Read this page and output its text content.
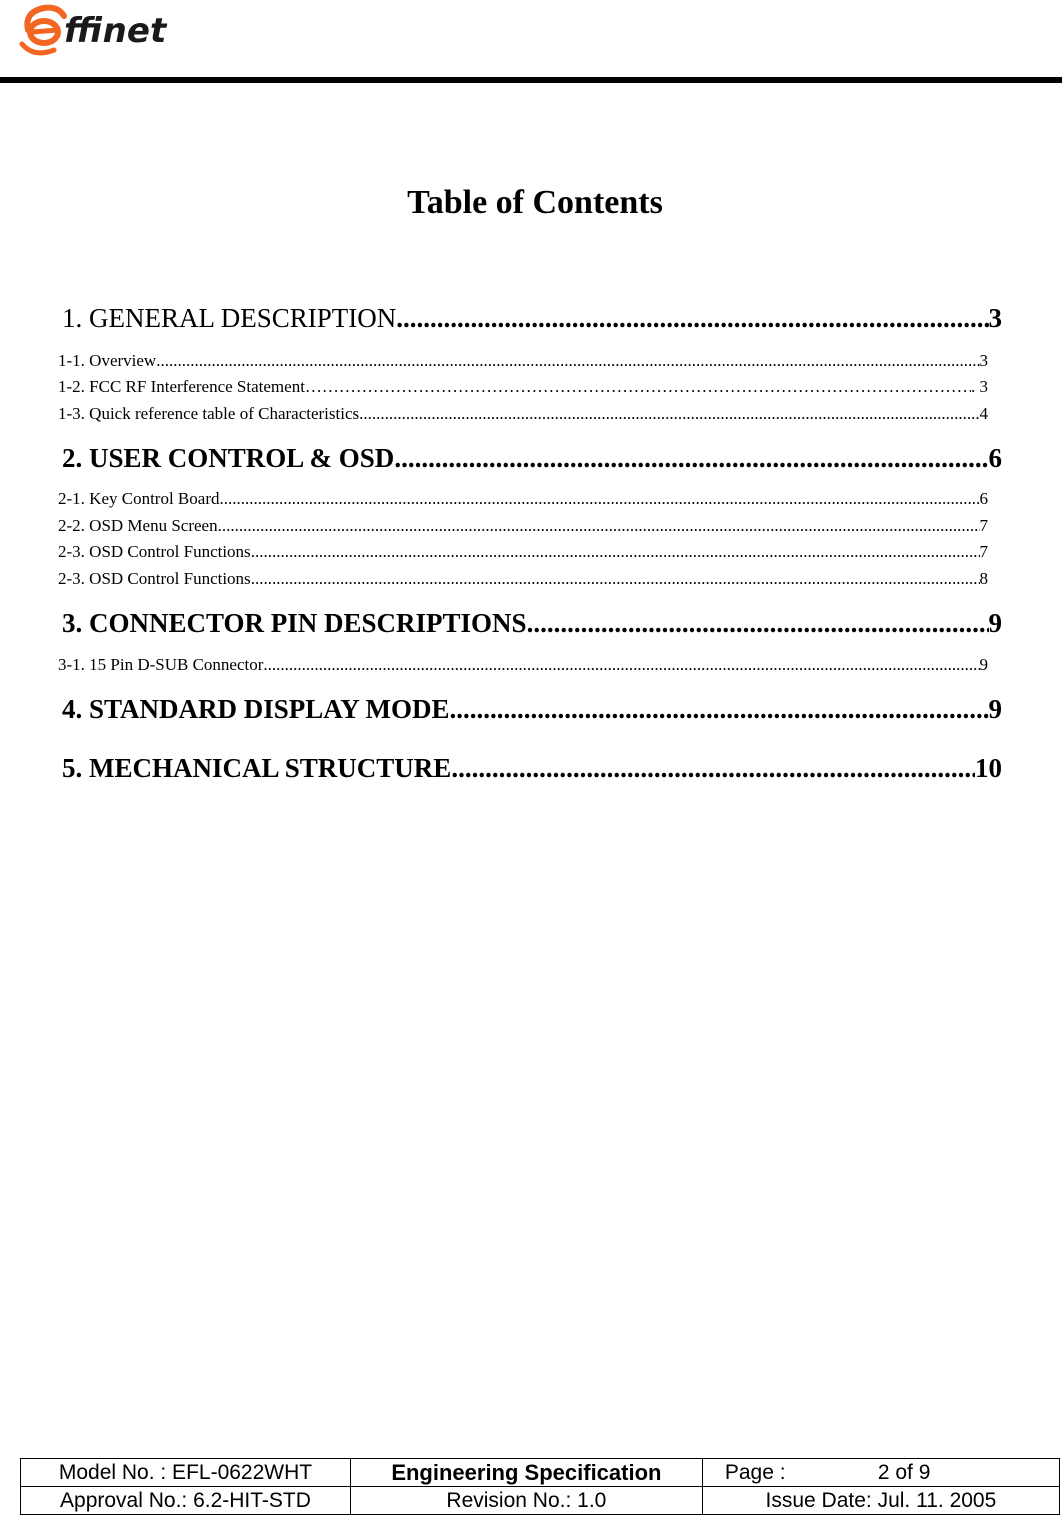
ffinet
Table of Contents
1. GENERAL DESCRIPTION .....	3
1-1. Overview .....	3
1-2. FCC RF Interference Statement …………………………………………………………………………………………………………………………………………	. 3
1-3. Quick reference table of Characteristics .....	4
2. USER CONTROL & OSD .....	6
2-1. Key Control Board .....	6
2-2. OSD Menu Screen .....	7
2-3. OSD Control Functions .....	7
2-3. OSD Control Functions .....	8
3. CONNECTOR PIN DESCRIPTIONS .....	9
3-1. 15 Pin D-SUB Connector .....	9
4. STANDARD DISPLAY MODE .....	9
5. MECHANICAL STRUCTURE .....	10
Model No. : EFL-0622WHT	Engineering Specification	Page : 2 of 9

Approval No.: 6.2-HIT-STD	Revision No.: 1.0	Issue Date: Jul. 11. 2005
